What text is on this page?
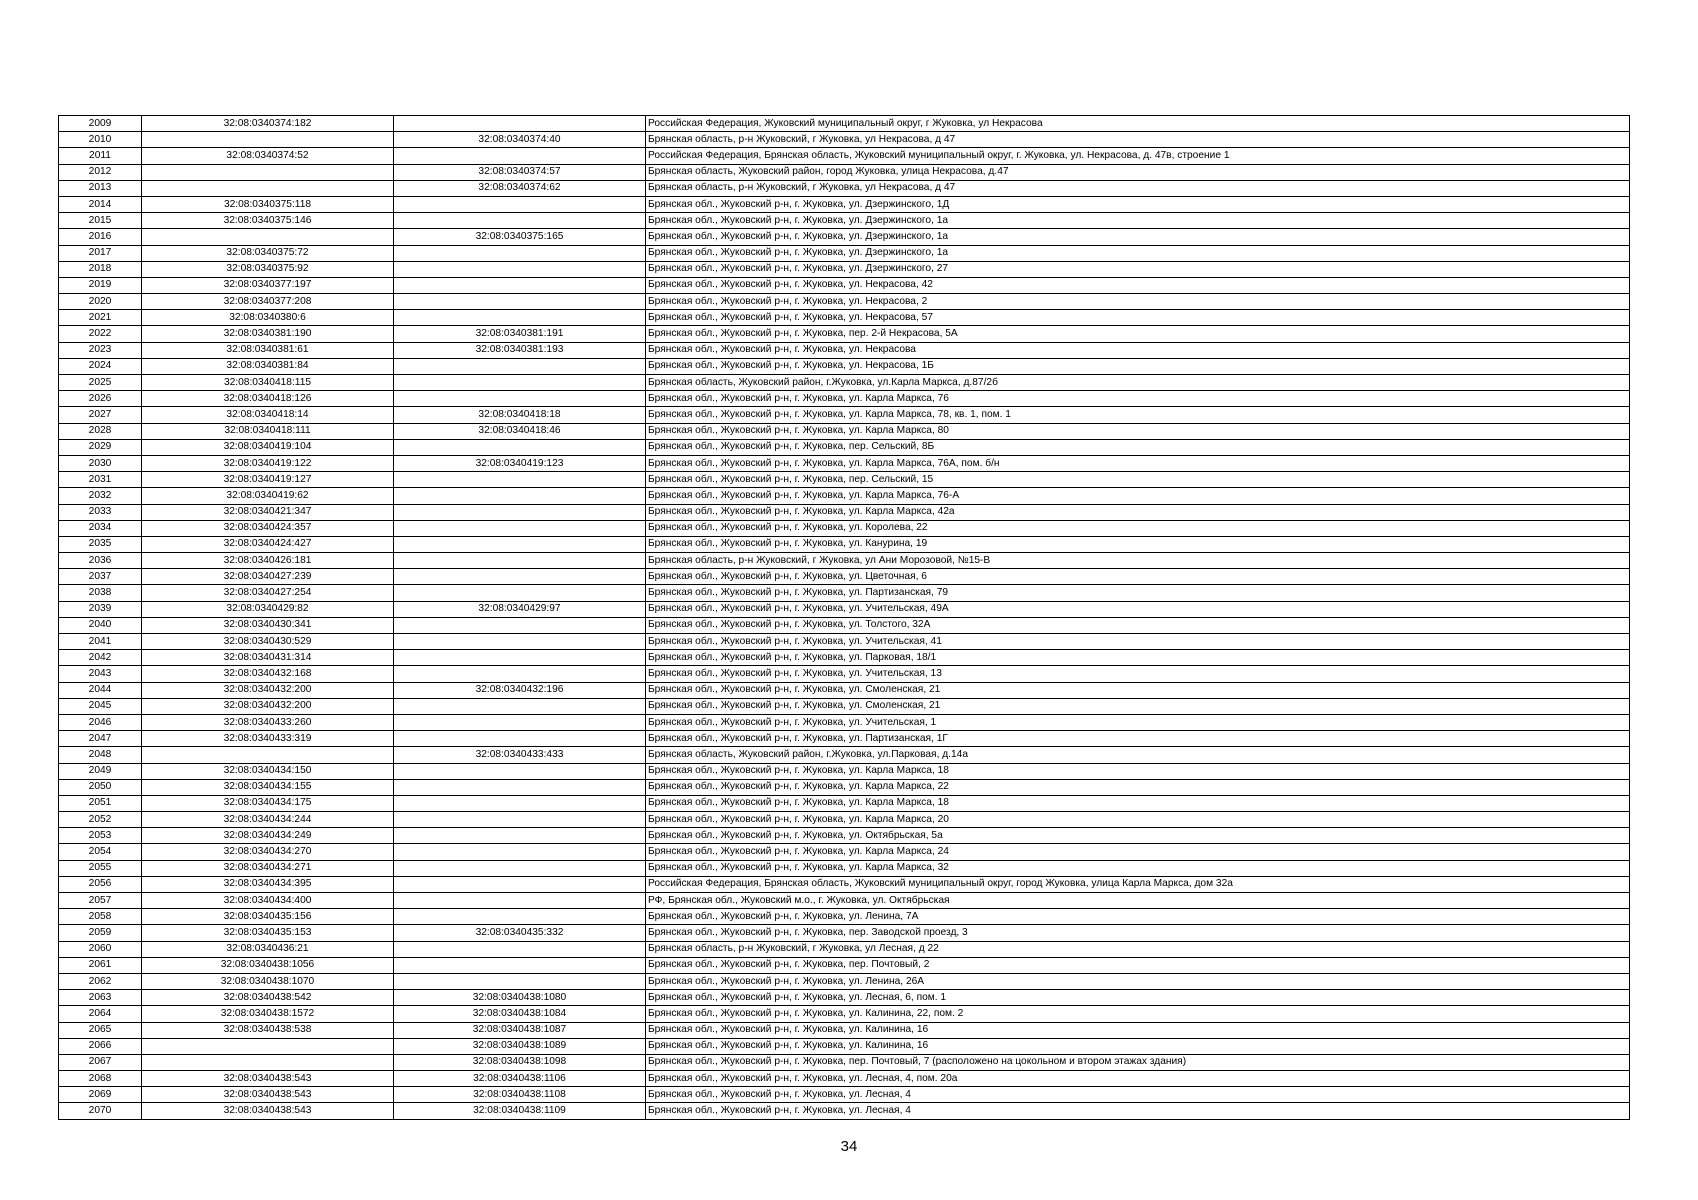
2009	32:08:0340374:182		Российская Федерация, Жуковский муниципальный округ, г Жуковка, ул Некрасова
2010		32:08:0340374:40	Брянская область, р-н Жуковский, г Жуковка, ул Некрасова, д 47
2011	32:08:0340374:52		Российская Федерация, Брянская область, Жуковский муниципальный округ, г. Жуковка, ул. Некрасова, д. 47в, строение 1
2012		32:08:0340374:57	Брянская область, Жуковский район, город Жуковка, улица Некрасова, д.47
2013		32:08:0340374:62	Брянская область, р-н Жуковский, г Жуковка, ул Некрасова, д 47
2014	32:08:0340375:118		Брянская обл., Жуковский р-н, г. Жуковка, ул. Дзержинского, 1Д
2015	32:08:0340375:146		Брянская обл., Жуковский р-н, г. Жуковка, ул. Дзержинского, 1а
2016		32:08:0340375:165	Брянская обл., Жуковский р-н, г. Жуковка, ул. Дзержинского, 1а
2017	32:08:0340375:72		Брянская обл., Жуковский р-н, г. Жуковка, ул. Дзержинского, 1а
2018	32:08:0340375:92		Брянская обл., Жуковский р-н, г. Жуковка, ул. Дзержинского, 27
2019	32:08:0340377:197		Брянская обл., Жуковский р-н, г. Жуковка, ул. Некрасова, 42
2020	32:08:0340377:208		Брянская обл., Жуковский р-н, г. Жуковка, ул. Некрасова, 2
2021	32:08:0340380:6		Брянская обл., Жуковский р-н, г. Жуковка, ул. Некрасова, 57
2022	32:08:0340381:190	32:08:0340381:191	Брянская обл., Жуковский р-н, г. Жуковка, пер. 2-й Некрасова, 5А
2023	32:08:0340381:61	32:08:0340381:193	Брянская обл., Жуковский р-н, г. Жуковка, ул. Некрасова
2024	32:08:0340381:84		Брянская обл., Жуковский р-н, г. Жуковка, ул. Некрасова, 1Б
2025	32:08:0340418:115		Брянская область, Жуковский район, г.Жуковка, ул.Карла Маркса, д.87/2б
2026	32:08:0340418:126		Брянская обл., Жуковский р-н, г. Жуковка, ул. Карла Маркса, 76
2027	32:08:0340418:14	32:08:0340418:18	Брянская обл., Жуковский р-н, г. Жуковка, ул. Карла Маркса, 78, кв. 1, пом. 1
2028	32:08:0340418:111	32:08:0340418:46	Брянская обл., Жуковский р-н, г. Жуковка, ул. Карла Маркса, 80
2029	32:08:0340419:104		Брянская обл., Жуковский р-н, г. Жуковка, пер. Сельский, 8Б
2030	32:08:0340419:122	32:08:0340419:123	Брянская обл., Жуковский р-н, г. Жуковка, ул. Карла Маркса, 76А, пом. б/н
2031	32:08:0340419:127		Брянская обл., Жуковский р-н, г. Жуковка, пер. Сельский, 15
2032	32:08:0340419:62		Брянская обл., Жуковский р-н, г. Жуковка, ул. Карла Маркса, 76-А
2033	32:08:0340421:347		Брянская обл., Жуковский р-н, г. Жуковка, ул. Карла Маркса, 42а
2034	32:08:0340424:357		Брянская обл., Жуковский р-н, г. Жуковка, ул. Королева, 22
2035	32:08:0340424:427		Брянская обл., Жуковский р-н, г. Жуковка, ул. Канурина, 19
2036	32:08:0340426:181		Брянская область, р-н Жуковский, г Жуковка, ул Ани Морозовой, №15-В
2037	32:08:0340427:239		Брянская обл., Жуковский р-н, г. Жуковка, ул. Цветочная, 6
2038	32:08:0340427:254		Брянская обл., Жуковский р-н, г. Жуковка, ул. Партизанская, 79
2039	32:08:0340429:82	32:08:0340429:97	Брянская обл., Жуковский р-н, г. Жуковка, ул. Учительская, 49А
2040	32:08:0340430:341		Брянская обл., Жуковский р-н, г. Жуковка, ул. Толстого, 32А
2041	32:08:0340430:529		Брянская обл., Жуковский р-н, г. Жуковка, ул. Учительская, 41
2042	32:08:0340431:314		Брянская обл., Жуковский р-н, г. Жуковка, ул. Парковая, 18/1
2043	32:08:0340432:168		Брянская обл., Жуковский р-н, г. Жуковка, ул. Учительская, 13
2044	32:08:0340432:200	32:08:0340432:196	Брянская обл., Жуковский р-н, г. Жуковка, ул. Смоленская, 21
2045	32:08:0340432:200		Брянская обл., Жуковский р-н, г. Жуковка, ул. Смоленская, 21
2046	32:08:0340433:260		Брянская обл., Жуковский р-н, г. Жуковка, ул. Учительская, 1
2047	32:08:0340433:319		Брянская обл., Жуковский р-н, г. Жуковка, ул. Партизанская, 1Г
2048		32:08:0340433:433	Брянская область, Жуковский район, г.Жуковка, ул.Парковая, д.14а
2049	32:08:0340434:150		Брянская обл., Жуковский р-н, г. Жуковка, ул. Карла Маркса, 18
2050	32:08:0340434:155		Брянская обл., Жуковский р-н, г. Жуковка, ул. Карла Маркса, 22
2051	32:08:0340434:175		Брянская обл., Жуковский р-н, г. Жуковка, ул. Карла Маркса, 18
2052	32:08:0340434:244		Брянская обл., Жуковский р-н, г. Жуковка, ул. Карла Маркса, 20
2053	32:08:0340434:249		Брянская обл., Жуковский р-н, г. Жуковка, ул. Октябрьская, 5а
2054	32:08:0340434:270		Брянская обл., Жуковский р-н, г. Жуковка, ул. Карла Маркса, 24
2055	32:08:0340434:271		Брянская обл., Жуковский р-н, г. Жуковка, ул. Карла Маркса, 32
2056	32:08:0340434:395		Российская Федерация, Брянская область, Жуковский муниципальный округ, город Жуковка, улица Карла Маркса, дом 32а
2057	32:08:0340434:400		РФ, Брянская обл., Жуковский м.о., г. Жуковка, ул. Октябрьская
2058	32:08:0340435:156		Брянская обл., Жуковский р-н, г. Жуковка, ул. Ленина, 7А
2059	32:08:0340435:153	32:08:0340435:332	Брянская обл., Жуковский р-н, г. Жуковка, пер. Заводской проезд, 3
2060	32:08:0340436:21		Брянская область, р-н Жуковский, г Жуковка, ул Лесная, д 22
2061	32:08:0340438:1056		Брянская обл., Жуковский р-н, г. Жуковка, пер. Почтовый, 2
2062	32:08:0340438:1070		Брянская обл., Жуковский р-н, г. Жуковка, ул. Ленина, 26А
2063	32:08:0340438:542	32:08:0340438:1080	Брянская обл., Жуковский р-н, г. Жуковка, ул. Лесная, 6, пом. 1
2064	32:08:0340438:1572	32:08:0340438:1084	Брянская обл., Жуковский р-н, г. Жуковка, ул. Калинина, 22, пом. 2
2065	32:08:0340438:538	32:08:0340438:1087	Брянская обл., Жуковский р-н, г. Жуковка, ул. Калинина, 16
2066		32:08:0340438:1089	Брянская обл., Жуковский р-н, г. Жуковка, ул. Калинина, 16
2067		32:08:0340438:1098	Брянская обл., Жуковский р-н, г. Жуковка, пер. Почтовый, 7 (расположено на цокольном и втором этажах здания)
2068	32:08:0340438:543	32:08:0340438:1106	Брянская обл., Жуковский р-н, г. Жуковка, ул. Лесная, 4, пом. 20а
2069	32:08:0340438:543	32:08:0340438:1108	Брянская обл., Жуковский р-н, г. Жуковка, ул. Лесная, 4
2070	32:08:0340438:543	32:08:0340438:1109	Брянская обл., Жуковский р-н, г. Жуковка, ул. Лесная, 4
34
